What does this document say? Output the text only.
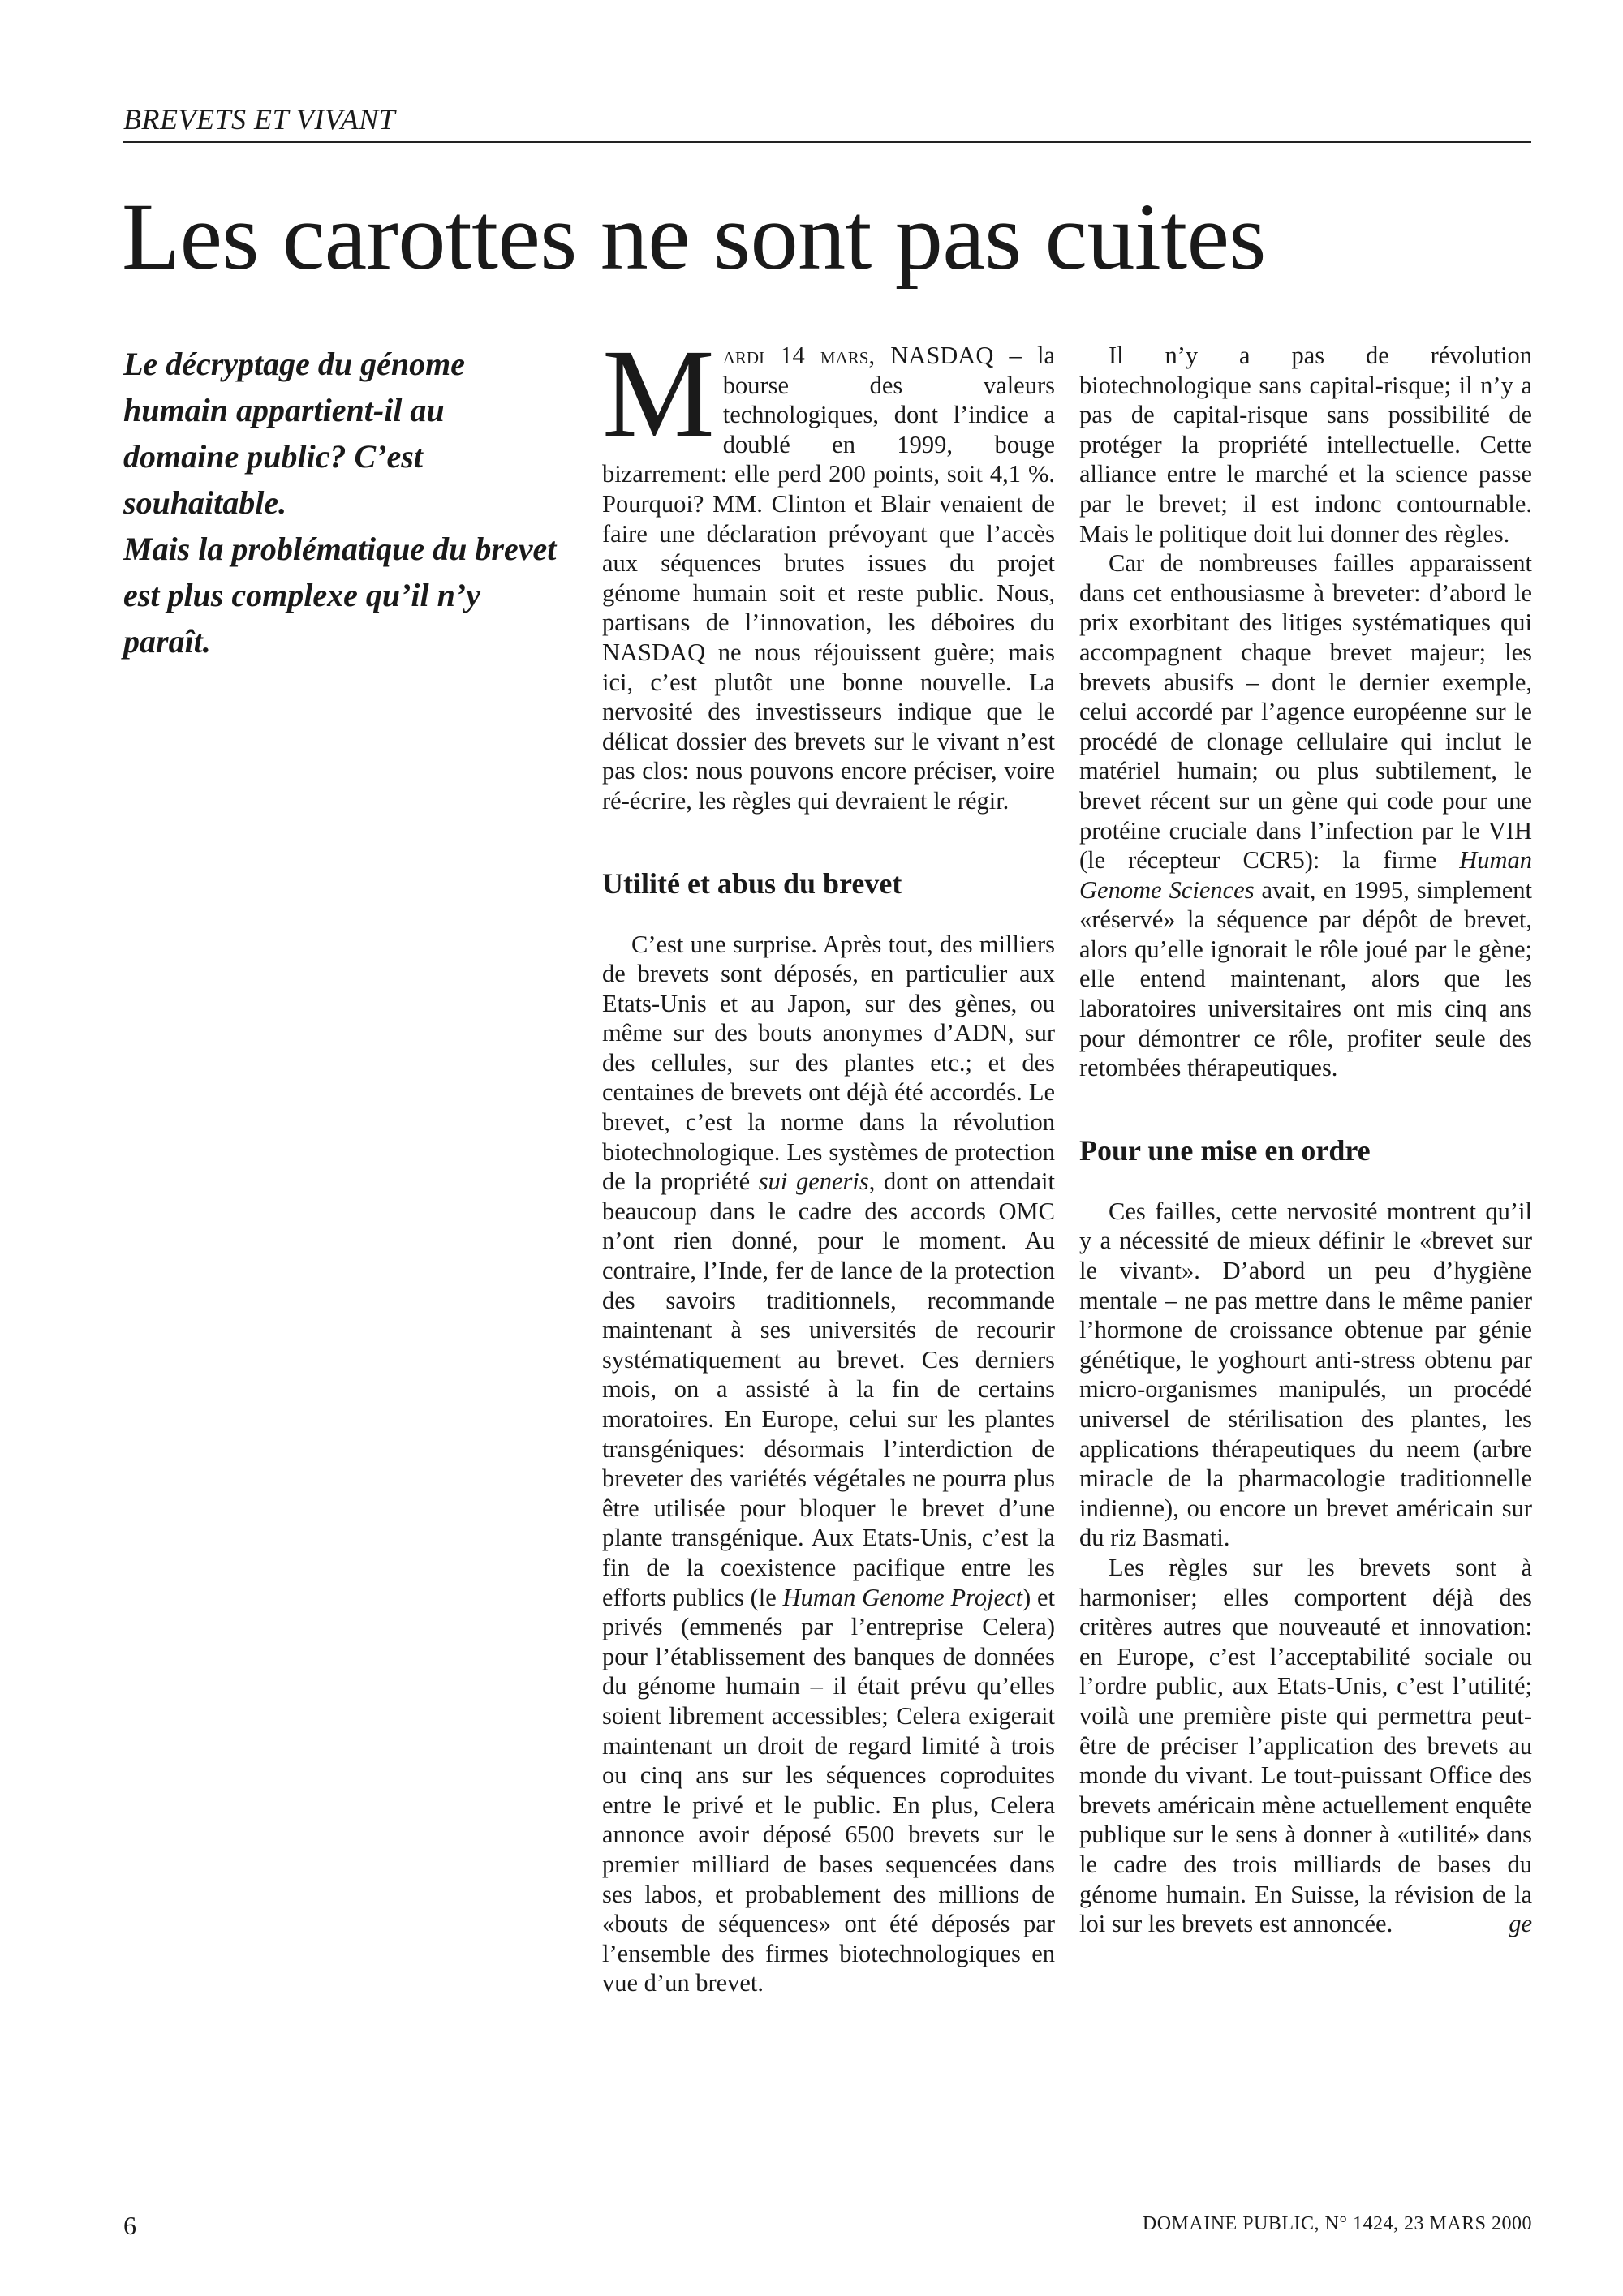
BREVETS ET VIVANT
Les carottes ne sont pas cuites

Le décryptage du génome humain appartient-il au domaine public? C’est souhaitable.

Mais la problématique du brevet est plus complexe qu’il n’y paraît.

Mardi 14 mars, NASDAQ – la bourse des valeurs technologiques, dont l’indice a doublé en 1999, bouge bizarrement: elle perd 200 points, soit 4,1 %. Pourquoi? MM. Clinton et Blair venaient de faire une déclaration prévoyant que l’accès aux séquences brutes issues du projet génome humain soit et reste public. Nous, partisans de l’innovation, les déboires du NASDAQ ne nous réjouissent guère; mais ici, c’est plutôt une bonne nouvelle. La nervosité des investisseurs indique que le délicat dossier des brevets sur le vivant n’est pas clos: nous pouvons encore préciser, voire ré-écrire, les règles qui devraient le régir.

Utilité et abus du brevet

C’est une surprise. Après tout, des milliers de brevets sont déposés, en particulier aux Etats-Unis et au Japon, sur des gènes, ou même sur des bouts anonymes d’ADN, sur des cellules, sur des plantes etc.; et des centaines de brevets ont déjà été accordés. Le brevet, c’est la norme dans la révolution biotechnologique. Les systèmes de protection de la propriété sui generis, dont on attendait beaucoup dans le cadre des accords OMC n’ont rien donné, pour le moment. Au contraire, l’Inde, fer de lance de la protection des savoirs traditionnels, recommande maintenant à ses universités de recourir systématiquement au brevet. Ces derniers mois, on a assisté à la fin de certains moratoires. En Europe, celui sur les plantes transgéniques: désormais l’interdiction de breveter des variétés végétales ne pourra plus être utilisée pour bloquer le brevet d’une plante transgénique. Aux Etats-Unis, c’est la fin de la coexistence pacifique entre les efforts publics (le Human Genome Project) et privés (emmenés par l’entreprise Celera) pour l’établissement des banques de données du génome humain – il était prévu qu’elles soient librement accessibles; Celera exigerait maintenant un droit de regard limité à trois ou cinq ans sur les séquences coproduites entre le privé et le public. En plus, Celera annonce avoir déposé 6500 brevets sur le premier milliard de bases sequencées dans ses labos, et probablement des millions de «bouts de séquences» ont été déposés par l’ensemble des firmes biotechnologiques en vue d’un brevet.

Il n’y a pas de révolution biotechnologique sans capital-risque; il n’y a pas de capital-risque sans possibilité de protéger la propriété intellectuelle. Cette alliance entre le marché et la science passe par le brevet; il est indonc contournable. Mais le politique doit lui donner des règles.

Car de nombreuses failles apparaissent dans cet enthousiasme à breveter: d’abord le prix exorbitant des litiges systématiques qui accompagnent chaque brevet majeur; les brevets abusifs – dont le dernier exemple, celui accordé par l’agence européenne sur le procédé de clonage cellulaire qui inclut le matériel humain; ou plus subtilement, le brevet récent sur un gène qui code pour une protéine cruciale dans l’infection par le VIH (le récepteur CCR5): la firme Human Genome Sciences avait, en 1995, simplement «réservé» la séquence par dépôt de brevet, alors qu’elle ignorait le rôle joué par le gène; elle entend maintenant, alors que les laboratoires universitaires ont mis cinq ans pour démontrer ce rôle, profiter seule des retombées thérapeutiques.

Pour une mise en ordre

Ces failles, cette nervosité montrent qu’il y a nécessité de mieux définir le «brevet sur le vivant». D’abord un peu d’hygiène mentale – ne pas mettre dans le même panier l’hormone de croissance obtenue par génie génétique, le yoghourt anti-stress obtenu par micro-organismes manipulés, un procédé universel de stérilisation des plantes, les applications thérapeutiques du neem (arbre miracle de la pharmacologie traditionnelle indienne), ou encore un brevet américain sur du riz Basmati.

Les règles sur les brevets sont à harmoniser; elles comportent déjà des critères autres que nouveauté et innovation: en Europe, c’est l’acceptabilité sociale ou l’ordre public, aux Etats-Unis, c’est l’utilité; voilà une première piste qui permettra peut-être de préciser l’application des brevets au monde du vivant. Le tout-puissant Office des brevets américain mène actuellement enquête publique sur le sens à donner à «utilité» dans le cadre des trois milliards de bases du génome humain. En Suisse, la révision de la loi sur les brevets est annoncée.	ge

6	DOMAINE PUBLIC, N° 1424, 23 MARS 2000
